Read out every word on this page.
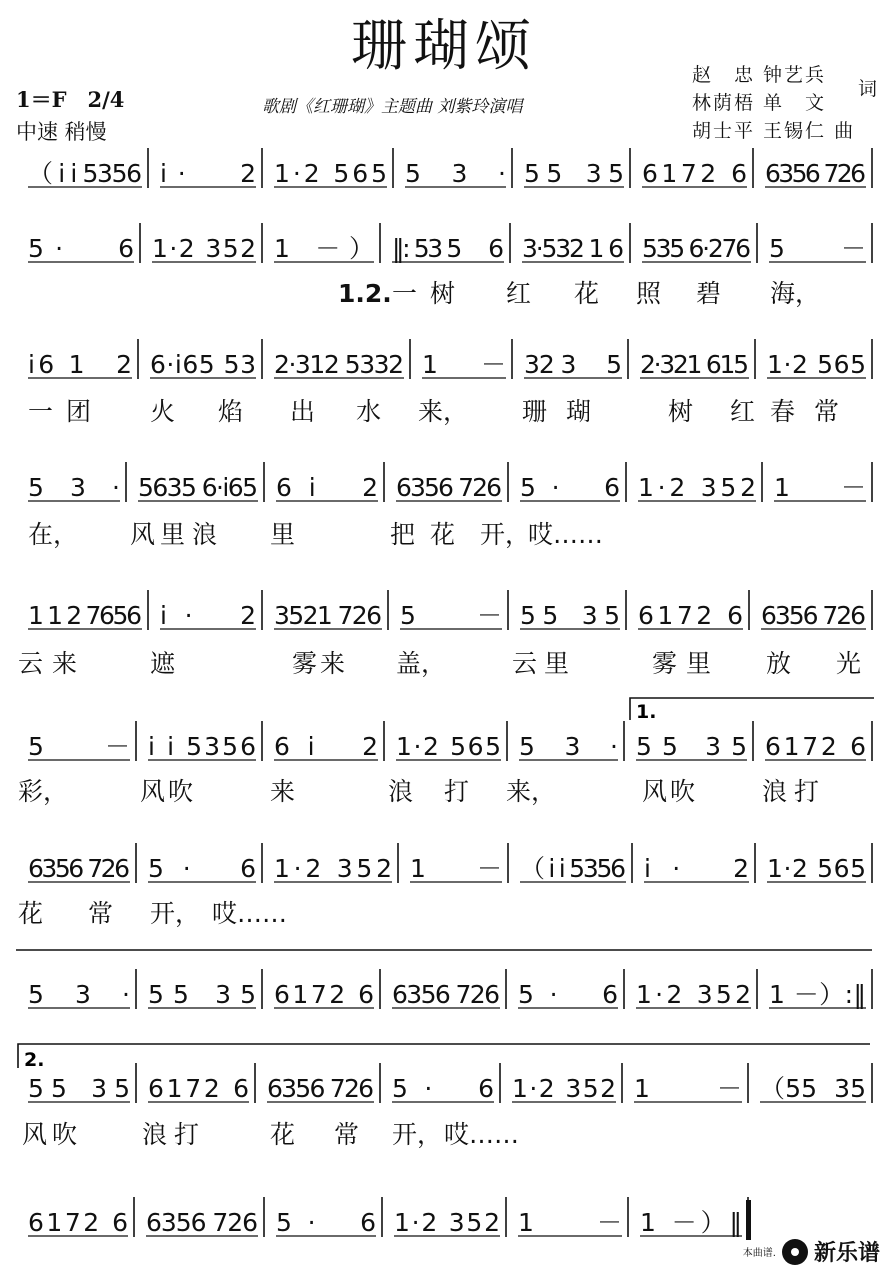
珊瑚颂
1＝F　2/4
中速 稍慢
歌剧《红珊瑚》主题曲 刘紫玲演唱
赵　忠 钟艺兵
林荫梧 单　文
词
胡士平 王锡仁 曲
（ i i 5356 i ·　　2 1·2 565 5 3 · 5 5　3 5 6172 6 6356 726
5 ·　　6 1·2 352 1 －） ‖: 53 5　 6 3·532 1 6 535 6·276 5 －
1.2. 一 树 红 花 照 碧 海，
i6 1　2 6·i65 53 2·312 5332 1 － 32 3　 5 2·321 615 1·2 565
一 团 火 焰 出 水 来， 珊 瑚	树 红 春 常
5 3 · 5635 6·i65 6 i　 2 6356 726 5 ·　 6 1·2 352 1 －
在， 风 里 浪 里	把 花 开，
哎……
1 1 2 7656 i ·　 2 3521 726 5 － 5 5　3 5 6172 6 6356 726
云 来	遮	雾 来 盖，	云 里	雾 里 放 光
5 － i i 5356 6 i　 2 1·2 565 5 3 · 5 5　3 5 6172 6
彩，	风 吹	来	浪 打 来，	风 吹	浪 打
6356 726 5 ·　 6 1·2 352 1 － （ i i 5356 i ·　 2 1·2 565
花 常 开， 哎……
5 3 · 5 5　3 5 6172 6 6356 726 5 ·　 6 1·2 352 1 －）:‖
5 5　3 5 6172 6 6356 726 5 ·　 6 1·2 352 1 － （ 5 5　3 5
风 吹	浪 打	花 常 开， 哎……
6172 6 6356 726 5 ·　 6 1·2 352 1 － 1 －）‖
1.
2.
本曲谱. 新乐谱
